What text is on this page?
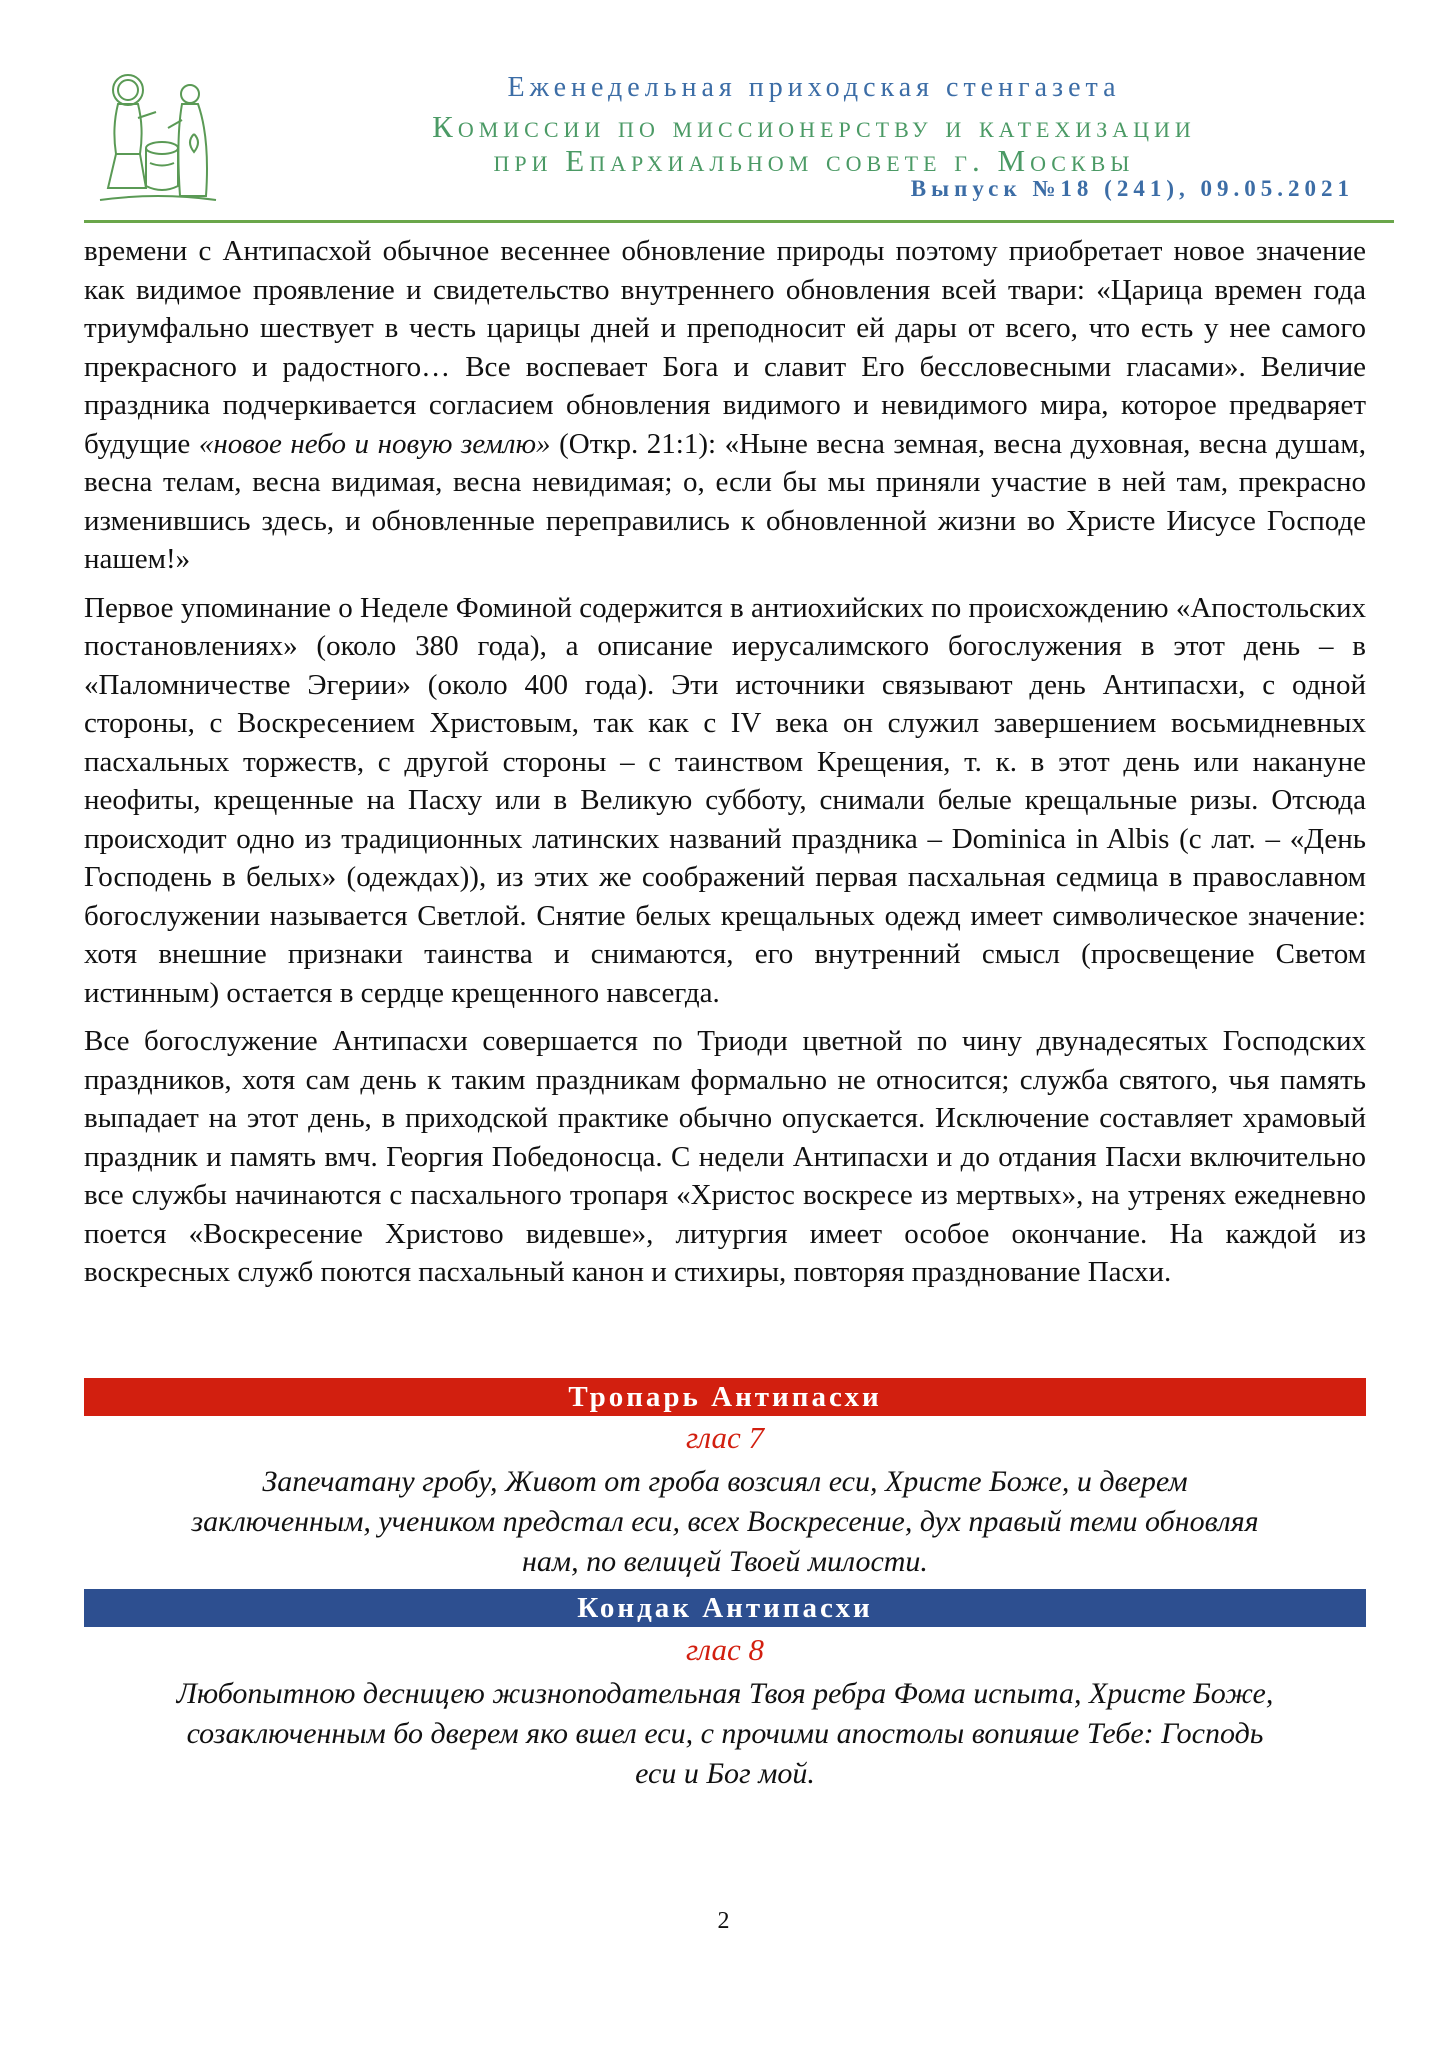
Еженедельная приходская стенгазета
Комиссии по миссионерству и катехизации
при Епархиальном совете г. Москвы
Выпуск №18 (241), 09.05.2021

времени с Антипасхой обычное весеннее обновление природы поэтому приобретает новое значение как видимое проявление и свидетельство внутреннего обновления всей твари: «Царица времен года триумфально шествует в честь царицы дней и преподносит ей дары от всего, что есть у нее самого прекрасного и радостного… Все воспевает Бога и славит Его бессловесными гласами». Величие праздника подчеркивается согласием обновления видимого и невидимого мира, которое предваряет будущие «новое небо и новую землю» (Откр. 21:1): «Ныне весна земная, весна духовная, весна душам, весна телам, весна видимая, весна невидимая; о, если бы мы приняли участие в ней там, прекрасно изменившись здесь, и обновленные переправились к обновленной жизни во Христе Иисусе Господе нашем!»

Первое упоминание о Неделе Фоминой содержится в антиохийских по происхождению «Апостольских постановлениях» (около 380 года), а описание иерусалимского богослужения в этот день – в «Паломничестве Эгерии» (около 400 года). Эти источники связывают день Антипасхи, с одной стороны, с Воскресением Христовым, так как с IV века он служил завершением восьмидневных пасхальных торжеств, с другой стороны – с таинством Крещения, т. к. в этот день или накануне неофиты, крещенные на Пасху или в Великую субботу, снимали белые крещальные ризы. Отсюда происходит одно из традиционных латинских названий праздника – Dominica in Albis (с лат. – «День Господень в белых» (одеждах)), из этих же соображений первая пасхальная седмица в православном богослужении называется Светлой. Снятие белых крещальных одежд имеет символическое значение: хотя внешние признаки таинства и снимаются, его внутренний смысл (просвещение Светом истинным) остается в сердце крещенного навсегда.

Все богослужение Антипасхи совершается по Триоди цветной по чину двунадесятых Господских праздников, хотя сам день к таким праздникам формально не относится; служба святого, чья память выпадает на этот день, в приходской практике обычно опускается. Исключение составляет храмовый праздник и память вмч. Георгия Победоносца. С недели Антипасхи и до отдания Пасхи включительно все службы начинаются с пасхального тропаря «Христос воскресе из мертвых», на утренях ежедневно поется «Воскресение Христово видевше», литургия имеет особое окончание. На каждой из воскресных служб поются пасхальный канон и стихиры, повторяя празднование Пасхи.

Тропарь Антипасхи
глас 7
Запечатану гробу, Живот от гроба возсиял еси, Христе Боже, и дверем
заключенным, учеником предстал еси, всех Воскресение, дух правый теми обновляя
нам, по велицей Твоей милости.
Кондак Антипасхи
глас 8
Любопытною десницею жизноподательная Твоя ребра Фома испыта, Христе Боже,
созаключенным бо дверем яко вшел еси, с прочими апостолы вопияше Тебе: Господь
еси и Бог мой.
2
